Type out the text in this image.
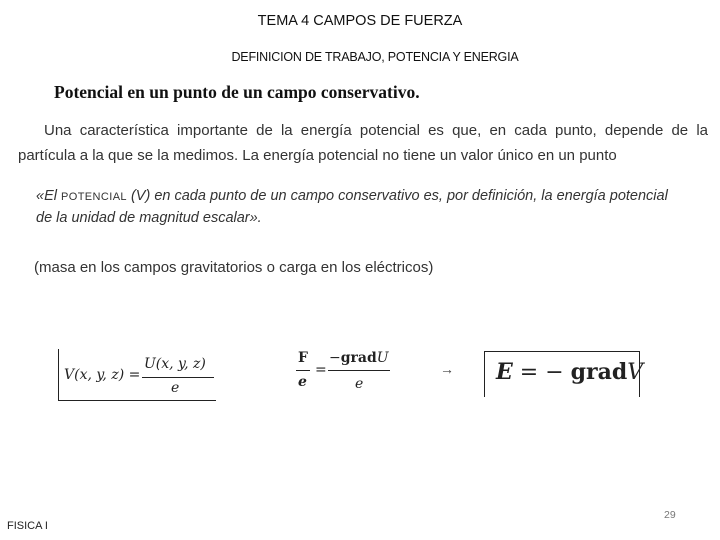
TEMA 4 CAMPOS DE FUERZA
DEFINICION DE TRABAJO, POTENCIA Y ENERGIA
Potencial en un punto de un campo conservativo.
Una característica importante de la energía potencial es que, en cada punto, depende de la partícula a la que se la medimos. La energía potencial no tiene un valor único en un punto
«El POTENCIAL (V) en cada punto de un campo conservativo es, por definición, la energía potencial de la unidad de magnitud escalar».
(masa en los campos gravitatorios o carga en los eléctricos)
V(x, y, z) =
U(x, y, z)
e
F
e
=
−gradU
e
→ E = − gradV
FISICA I
29
